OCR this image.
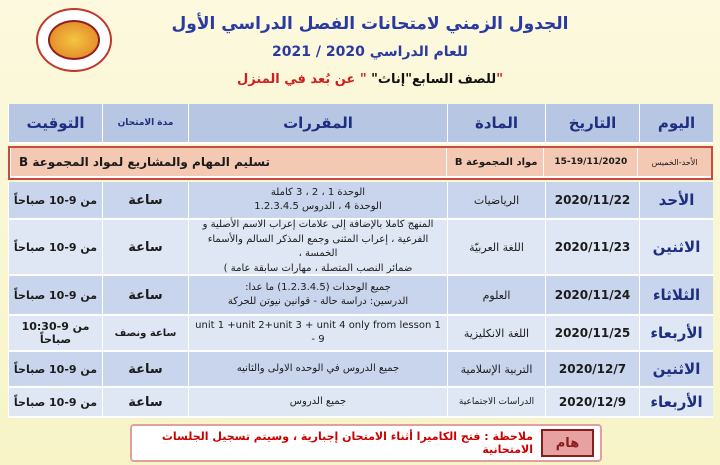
الجدول الزمني لامتحانات الفصل الدراسي الأول
للعام الدراسي 2020 / 2021
للصف السابع"إناث" " عن بُعد في المنزل"
اليوم
التاريخ
المادة
المقررات
مدة الامتحان
التوقيت
الأحد-الخميس
15-19/11/2020
مواد المجموعة B
تسليم المهام والمشاريع لمواد المجموعة B
الأحد
2020/11/22
الرياضيات
الوحدة 1 ، 2 ، 3 كاملة
الوحدة 4 ، الدروس 1.2.3.4.5
ساعة
من 9-10 صباحاً
الاثنين
2020/11/23
اللغة العربيّة
المنهج كاملا بالإضافة إلى علامات إعراب الاسم الأصلية و
الفرعية ، إعراب المثنى وجمع المذكر السالم والأسماء الخمسة ،
ضمائر النصب المتصلة ، مهارات سابقة عامة )
ساعة
من 9-10 صباحاً
الثلاثاء
2020/11/24
العلوم
جميع الوحدات (1.2.3.4.5) ما عدا:
الدرسين: دراسة حالة - قوانين نيوتن للحركة
ساعة
من 9-10 صباحاً
الأربعاء
2020/11/25
اللغة الانكليزية
unit 1 +unit 2+unit 3 + unit 4 only from lesson 1 - 9
ساعة ونصف
من 9-10:30 صباحاً
الاثنين
2020/12/7
التربية الإسلامية
جميع الدروس في الوحده الاولى والثانيه
ساعة
من 9-10 صباحاً
الأربعاء
2020/12/9
الدراسات الاجتماعية
جميع الدروس
ساعة
من 9-10 صباحاً
هام
ملاحظة : فتح الكاميرا أثناء الامتحان إجبارية ، وسيتم تسجيل الجلسات الامتحانية
